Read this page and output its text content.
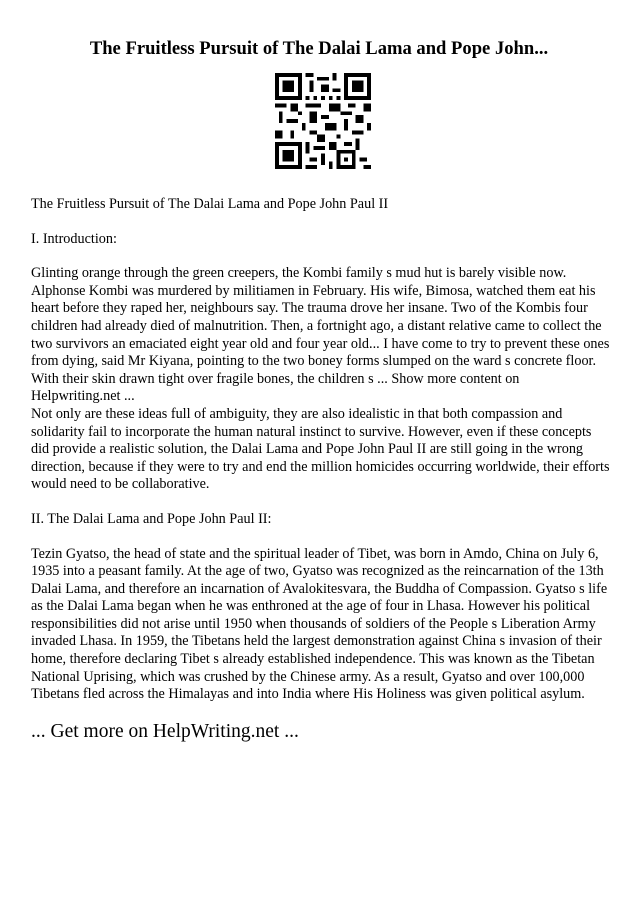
The Fruitless Pursuit of The Dalai Lama and Pope John...

The Fruitless Pursuit of The Dalai Lama and Pope John Paul II

I. Introduction:

Glinting orange through the green creepers, the Kombi family s mud hut is barely visible now. Alphonse Kombi was murdered by militiamen in February. His wife, Bimosa, watched them eat his heart before they raped her, neighbours say. The trauma drove her insane. Two of the Kombis four children had already died of malnutrition. Then, a fortnight ago, a distant relative came to collect the two survivors an emaciated eight year old and four year old... I have come to try to prevent these ones from dying, said Mr Kiyana, pointing to the two boney forms slumped on the ward s concrete floor. With their skin drawn tight over fragile bones, the children s ... Show more content on Helpwriting.net ...

Not only are these ideas full of ambiguity, they are also idealistic in that both compassion and solidarity fail to incorporate the human natural instinct to survive. However, even if these concepts did provide a realistic solution, the Dalai Lama and Pope John Paul II are still going in the wrong direction, because if they were to try and end the million homicides occurring worldwide, their efforts would need to be collaborative.

II. The Dalai Lama and Pope John Paul II:

Tezin Gyatso, the head of state and the spiritual leader of Tibet, was born in Amdo, China on July 6, 1935 into a peasant family. At the age of two, Gyatso was recognized as the reincarnation of the 13th Dalai Lama, and therefore an incarnation of Avalokitesvara, the Buddha of Compassion. Gyatso s life as the Dalai Lama began when he was enthroned at the age of four in Lhasa. However his political responsibilities did not arise until 1950 when thousands of soldiers of the People s Liberation Army invaded Lhasa. In 1959, the Tibetans held the largest demonstration against China s invasion of their home, therefore declaring Tibet s already established independence. This was known as the Tibetan National Uprising, which was crushed by the Chinese army. As a result, Gyatso and over 100,000 Tibetans fled across the Himalayas and into India where His Holiness was given political asylum.

... Get more on HelpWriting.net ...
